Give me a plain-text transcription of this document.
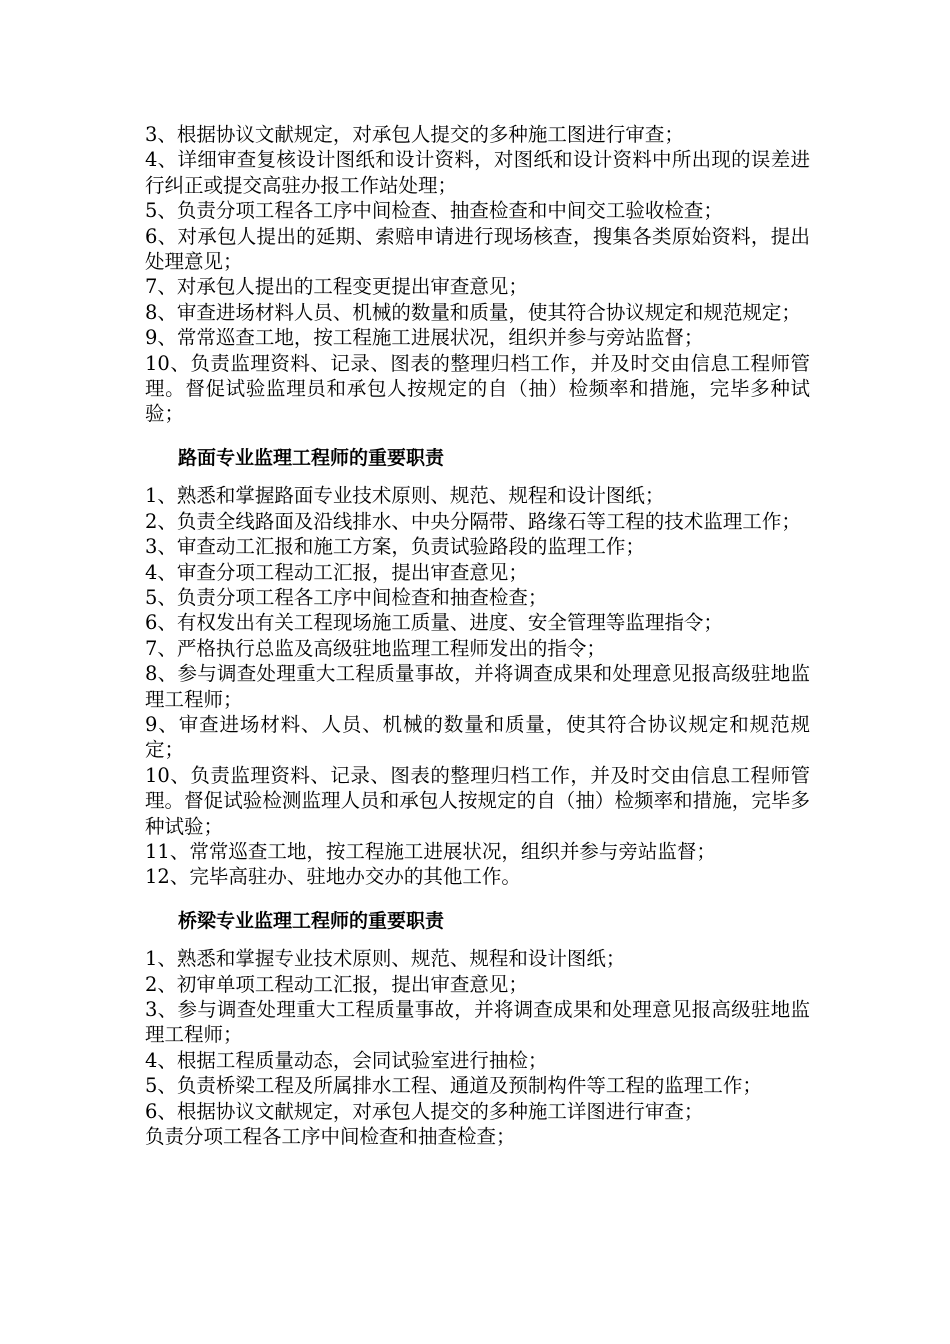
3、根据协议文献规定，对承包人提交的多种施工图进行审查；

4、详细审查复核设计图纸和设计资料，对图纸和设计资料中所出现的误差进行纠正或提交高驻办报工作站处理；

5、负责分项工程各工序中间检查、抽查检查和中间交工验收检查；

6、对承包人提出的延期、索赔申请进行现场核查，搜集各类原始资料，提出处理意见；

7、对承包人提出的工程变更提出审查意见；

8、审查进场材料人员、机械的数量和质量，使其符合协议规定和规范规定；

9、常常巡查工地，按工程施工进展状况，组织并参与旁站监督；

10、负责监理资料、记录、图表的整理归档工作，并及时交由信息工程师管理。督促试验监理员和承包人按规定的自（抽）检频率和措施，完毕多种试验；

路面专业监理工程师的重要职责

1、熟悉和掌握路面专业技术原则、规范、规程和设计图纸；

2、负责全线路面及沿线排水、中央分隔带、路缘石等工程的技术监理工作；

3、审查动工汇报和施工方案，负责试验路段的监理工作；

4、审查分项工程动工汇报，提出审查意见；

5、负责分项工程各工序中间检查和抽查检查；

6、有权发出有关工程现场施工质量、进度、安全管理等监理指令；

7、严格执行总监及高级驻地监理工程师发出的指令；

8、参与调查处理重大工程质量事故，并将调查成果和处理意见报高级驻地监理工程师；

9、审查进场材料、人员、机械的数量和质量，使其符合协议规定和规范规定；

10、负责监理资料、记录、图表的整理归档工作，并及时交由信息工程师管理。督促试验检测监理人员和承包人按规定的自（抽）检频率和措施，完毕多种试验；

11、常常巡查工地，按工程施工进展状况，组织并参与旁站监督；

12、完毕高驻办、驻地办交办的其他工作。

桥梁专业监理工程师的重要职责

1、熟悉和掌握专业技术原则、规范、规程和设计图纸；

2、初审单项工程动工汇报，提出审查意见；

3、参与调查处理重大工程质量事故，并将调查成果和处理意见报高级驻地监理工程师；

4、根据工程质量动态，会同试验室进行抽检；

5、负责桥梁工程及所属排水工程、通道及预制构件等工程的监理工作；

6、根据协议文献规定，对承包人提交的多种施工详图进行审查；

负责分项工程各工序中间检查和抽查检查；
